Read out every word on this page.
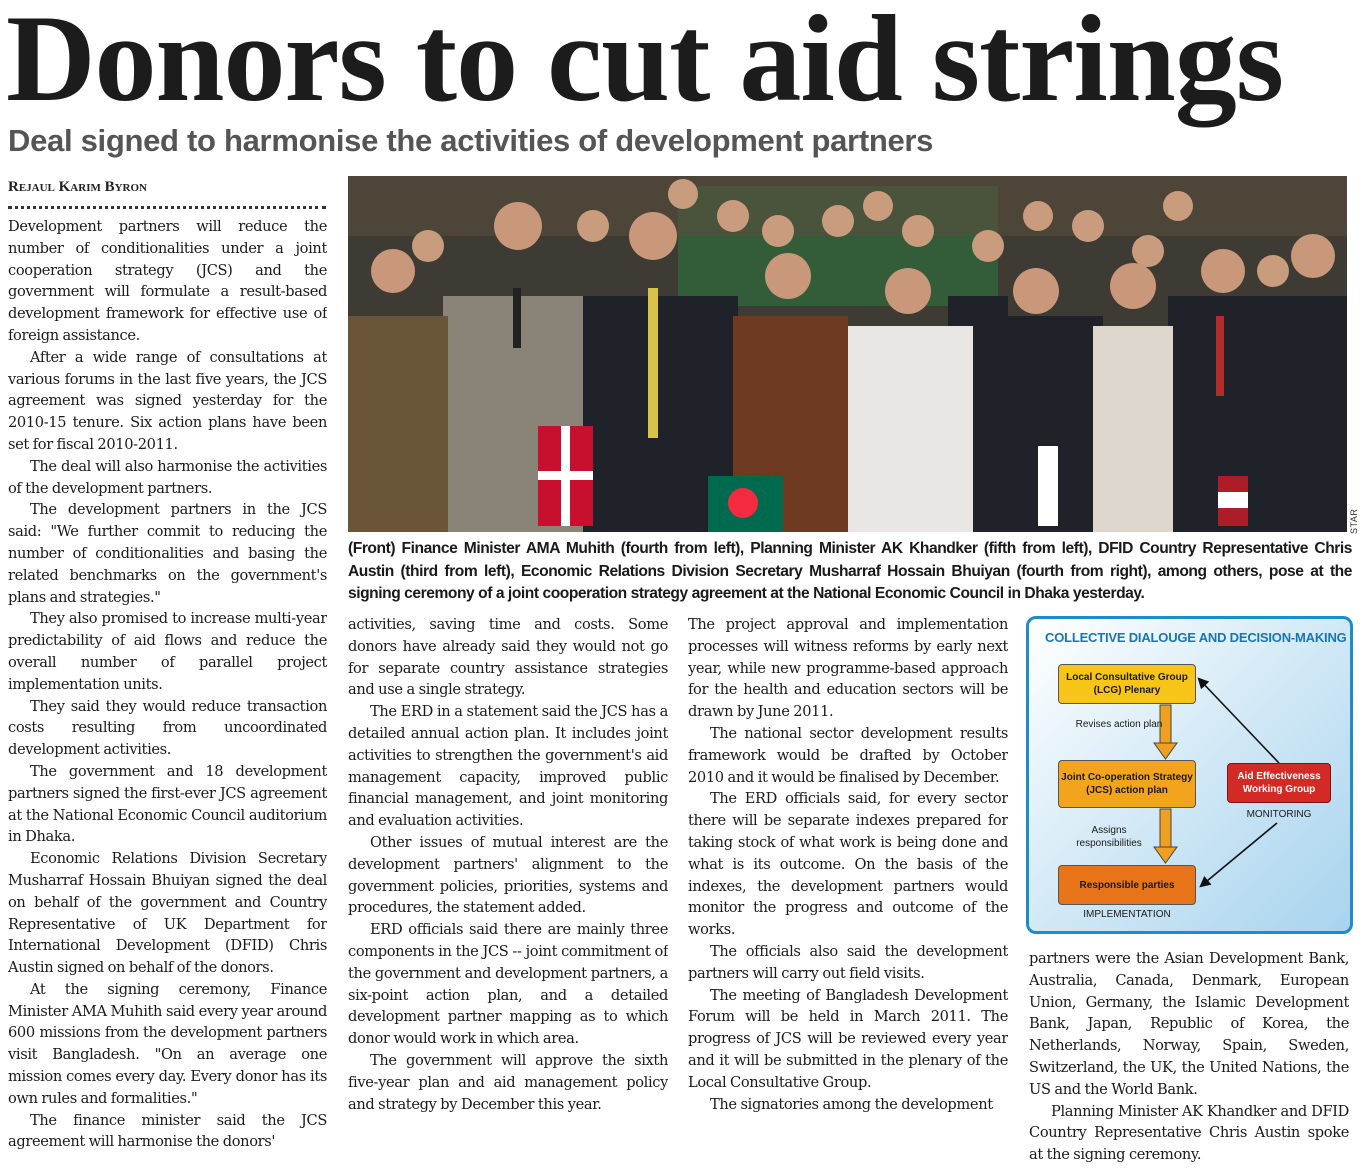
Donors to cut aid strings
Deal signed to harmonise the activities of development partners
Rejaul Karim Byron

Development partners will reduce the number of conditionalities under a joint cooperation strategy (JCS) and the government will formulate a result-based development framework for effective use of foreign assistance.

After a wide range of consultations at various forums in the last five years, the JCS agreement was signed yesterday for the 2010-15 tenure. Six action plans have been set for fiscal 2010-2011.

The deal will also harmonise the activities of the development partners.

The development partners in the JCS said: "We further commit to reducing the number of conditionalities and basing the related benchmarks on the government's plans and strategies."

They also promised to increase multi-year predictability of aid flows and reduce the overall number of parallel project implementation units.

They said they would reduce transaction costs resulting from uncoordinated development activities.

The government and 18 development partners signed the first-ever JCS agreement at the National Economic Council auditorium in Dhaka.

Economic Relations Division Secretary Musharraf Hossain Bhuiyan signed the deal on behalf of the government and Country Representative of UK Department for International Development (DFID) Chris Austin signed on behalf of the donors.

At the signing ceremony, Finance Minister AMA Muhith said every year around 600 missions from the development partners visit Bangladesh. "On an average one mission comes every day. Every donor has its own rules and formalities."

The finance minister said the JCS agreement will harmonise the donors'

STAR
(Front) Finance Minister AMA Muhith (fourth from left), Planning Minister AK Khandker (fifth from left), DFID Country Representative Chris Austin (third from left), Economic Relations Division Secretary Musharraf Hossain Bhuiyan (fourth from right), among others, pose at the signing ceremony of a joint cooperation strategy agreement at the National Economic Council in Dhaka yesterday.

activities, saving time and costs. Some donors have already said they would not go for separate country assistance strategies and use a single strategy.

The ERD in a statement said the JCS has a detailed annual action plan. It includes joint activities to strengthen the government's aid management capacity, improved public financial management, and joint monitoring and evaluation activities.

Other issues of mutual interest are the development partners' alignment to the government policies, priorities, systems and procedures, the statement added.

ERD officials said there are mainly three components in the JCS -- joint commitment of the government and development partners, a six-point action plan, and a detailed development partner mapping as to which donor would work in which area.

The government will approve the sixth five-year plan and aid management policy and strategy by December this year.

The project approval and implementation processes will witness reforms by early next year, while new programme-based approach for the health and education sectors will be drawn by June 2011.

The national sector development results framework would be drafted by October 2010 and it would be finalised by December.

The ERD officials said, for every sector there will be separate indexes prepared for taking stock of what work is being done and what is its outcome. On the basis of the indexes, the development partners would monitor the progress and outcome of the works.

The officials also said the development partners will carry out field visits.

The meeting of Bangladesh Development Forum will be held in March 2011. The progress of JCS will be reviewed every year and it will be submitted in the plenary of the Local Consultative Group.

The signatories among the development

COLLECTIVE DIALOUGE AND DECISION-MAKING
Local Consultative Group (LCG) Plenary
Revises action plan
Joint Co-operation Strategy (JCS) action plan
Assigns responsibilities
Responsible parties
IMPLEMENTATION
Aid Effectiveness Working Group
MONITORING

partners were the Asian Development Bank, Australia, Canada, Denmark, European Union, Germany, the Islamic Development Bank, Japan, Republic of Korea, the Netherlands, Norway, Spain, Sweden, Switzerland, the UK, the United Nations, the US and the World Bank.

Planning Minister AK Khandker and DFID Country Representative Chris Austin spoke at the signing ceremony.
